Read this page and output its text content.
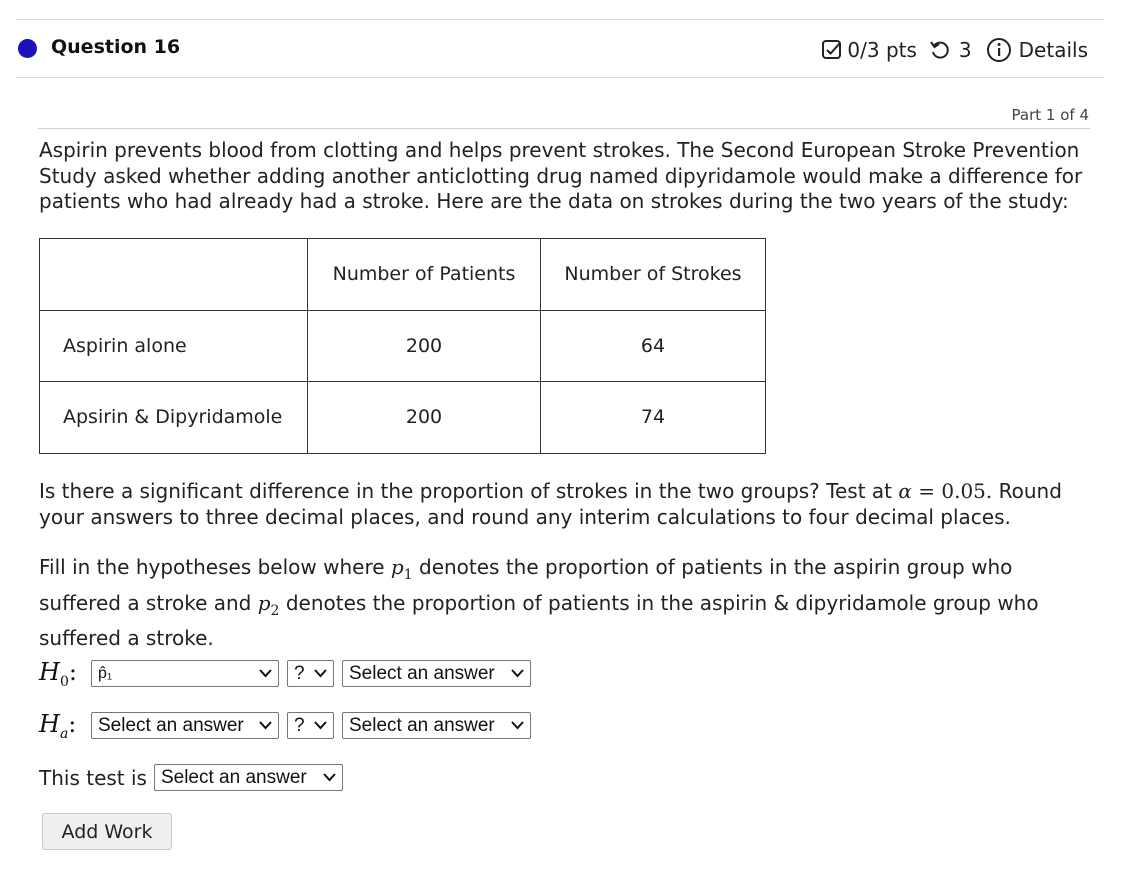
Question 16	0/3 pts 3 Details
Part 1 of 4
Aspirin prevents blood from clotting and helps prevent strokes. The Second European Stroke Prevention Study asked whether adding another anticlotting drug named dipyridamole would make a difference for patients who had already had a stroke. Here are the data on strokes during the two years of the study:
	Number of Patients	Number of Strokes
Aspirin alone	200	64
Apsirin & Dipyridamole	200	74
Is there a significant difference in the proportion of strokes in the two groups? Test at α = 0.05. Round your answers to three decimal places, and round any interim calculations to four decimal places.
Fill in the hypotheses below where $p_1$ denotes the proportion of patients in the aspirin group who suffered a stroke and $p_2$ denotes the proportion of patients in the aspirin & dipyridamole group who suffered a stroke.
$H_0$:	p̂₁	? Select an answer
$H_a$:	Select an answer	? Select an answer
This test is Select an answer
Add Work
